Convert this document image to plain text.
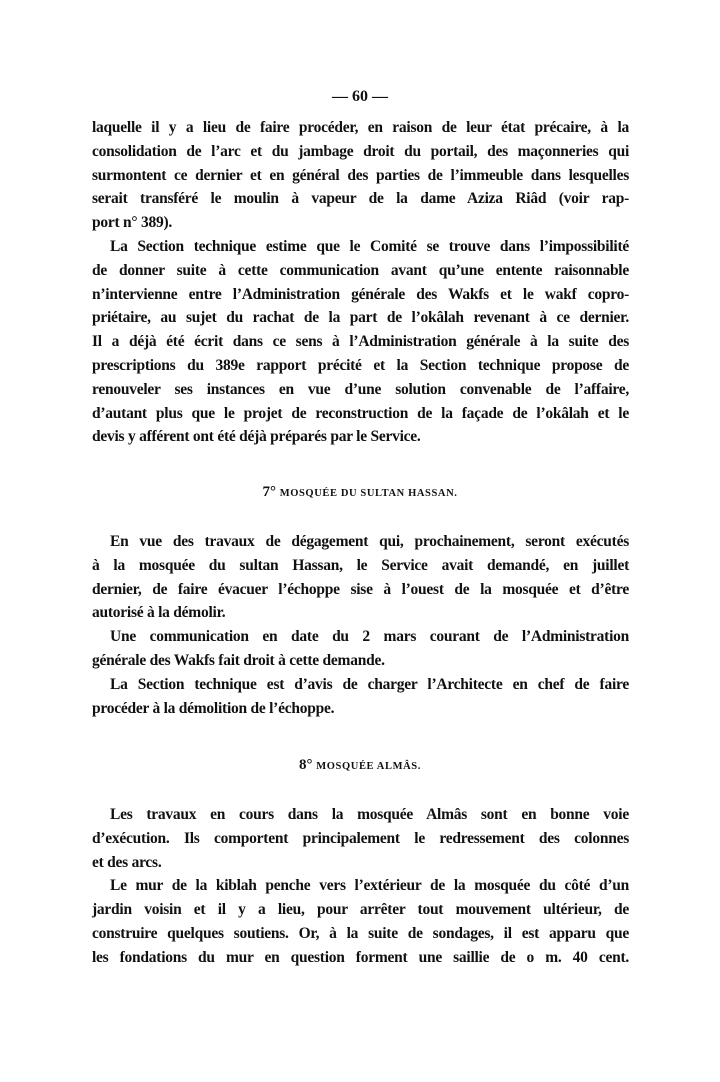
— 60 —
laquelle il y a lieu de faire procéder, en raison de leur état précaire, à la
consolidation de l’arc et du jambage droit du portail, des maçonneries qui
surmontent ce dernier et en général des parties de l’immeuble dans lesquelles
serait transféré le moulin à vapeur de la dame Aziza Riâd (voir rap-
port n° 389).
La Section technique estime que le Comité se trouve dans l’impossibilité
de donner suite à cette communication avant qu’une entente raisonnable
n’intervienne entre l’Administration générale des Wakfs et le wakf copro-
priétaire, au sujet du rachat de la part de l’okâlah revenant à ce dernier.
Il a déjà été écrit dans ce sens à l’Administration générale à la suite des
prescriptions du 389e rapport précité et la Section technique propose de
renouveler ses instances en vue d’une solution convenable de l’affaire,
d’autant plus que le projet de reconstruction de la façade de l’okâlah et le
devis y afférent ont été déjà préparés par le Service.
7° MOSQUÉE DU SULTAN HASSAN.
En vue des travaux de dégagement qui, prochainement, seront exécutés
à la mosquée du sultan Hassan, le Service avait demandé, en juillet
dernier, de faire évacuer l’échoppe sise à l’ouest de la mosquée et d’être
autorisé à la démolir.
Une communication en date du 2 mars courant de l’Administration
générale des Wakfs fait droit à cette demande.
La Section technique est d’avis de charger l’Architecte en chef de faire
procéder à la démolition de l’échoppe.
8° MOSQUÉE ALMÂS.
Les travaux en cours dans la mosquée Almâs sont en bonne voie
d’exécution. Ils comportent principalement le redressement des colonnes
et des arcs.
Le mur de la kiblah penche vers l’extérieur de la mosquée du côté d’un
jardin voisin et il y a lieu, pour arrêter tout mouvement ultérieur, de
construire quelques soutiens. Or, à la suite de sondages, il est apparu que
les fondations du mur en question forment une saillie de o m. 40 cent.
